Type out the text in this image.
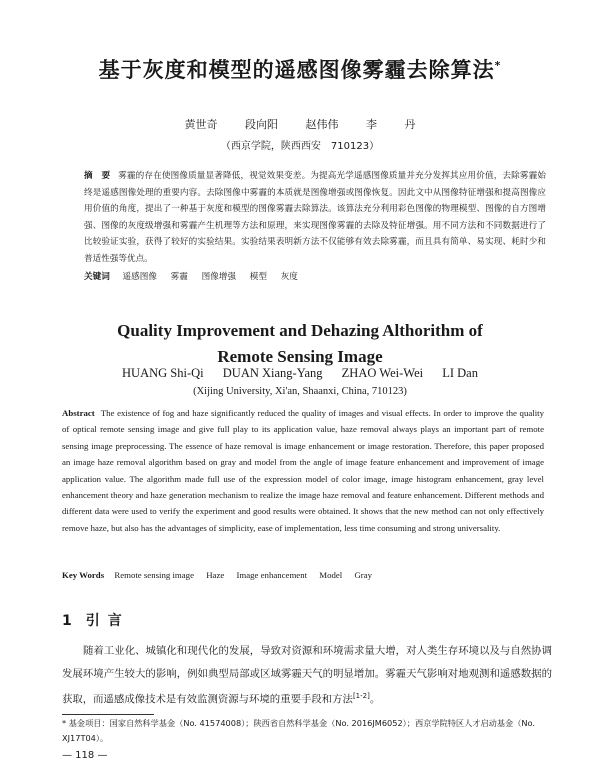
基于灰度和模型的遥感图像雾霾去除算法*
黄世奇	段向阳	赵伟伟	李	丹
（西京学院，陕西西安　710123）
摘　要 雾霾的存在使图像质量显著降低，视觉效果变差。为提高光学遥感图像质量并充分发挥其应用价值，去除雾霾始终是遥感图像处理的重要内容。去除图像中雾霾的本质就是图像增强或图像恢复。因此文中从图像特征增强和提高图像应用价值的角度，提出了一种基于灰度和模型的图像雾霾去除算法。该算法充分利用彩色图像的物理模型、图像的自方图增强、图像的灰度级增强和雾霾产生机理等方法和原理，来实现图像雾霾的去除及特征增强。用不同方法和不同数据进行了比较验证实验，获得了较好的实验结果。实验结果表明新方法不仅能够有效去除雾霾，而且具有简单、易实现、耗时少和普适性强等优点。
关键词 遥感图像 雾霾 图像增强 模型 灰度
Quality Improvement and Dehazing Althorithm of
Remote Sensing Image
HUANG Shi-Qi DUAN Xiang-Yang ZHAO Wei-Wei LI Dan
(Xijing University, Xi'an, Shaanxi, China, 710123)
Abstract The existence of fog and haze significantly reduced the quality of images and visual effects. In order to improve the quality of optical remote sensing image and give full play to its application value, haze removal always plays an important part of remote sensing image preprocessing. The essence of haze removal is image enhancement or image restoration. Therefore, this paper proposed an image haze removal algorithm based on gray and model from the angle of image feature enhancement and improvement of image application value. The algorithm made full use of the expression model of color image, image histogram enhancement, gray level enhancement theory and haze generation mechanism to realize the image haze removal and feature enhancement. Different methods and different data were used to verify the experiment and good results were obtained. It shows that the new method can not only effectively remove haze, but also has the advantages of simplicity, ease of implementation, less time consuming and strong universality.
Key Words Remote sensing image Haze Image enhancement Model Gray
1 引言
随着工业化、城镇化和现代化的发展，导致对资源和环境需求量大增，对人类生存环境以及与自然协调发展环境产生较大的影响，例如典型局部或区域雾霾天气的明显增加。雾霾天气影响对地观测和遥感数据的获取，而遥感成像技术是有效监测资源与环境的重要手段和方法[1-2]。
* 基金项目：国家自然科学基金（No. 41574008）；陕西省自然科学基金（No. 2016JM6052）；西京学院特区人才启动基金（No. XJ17T04）。
— 118 —
